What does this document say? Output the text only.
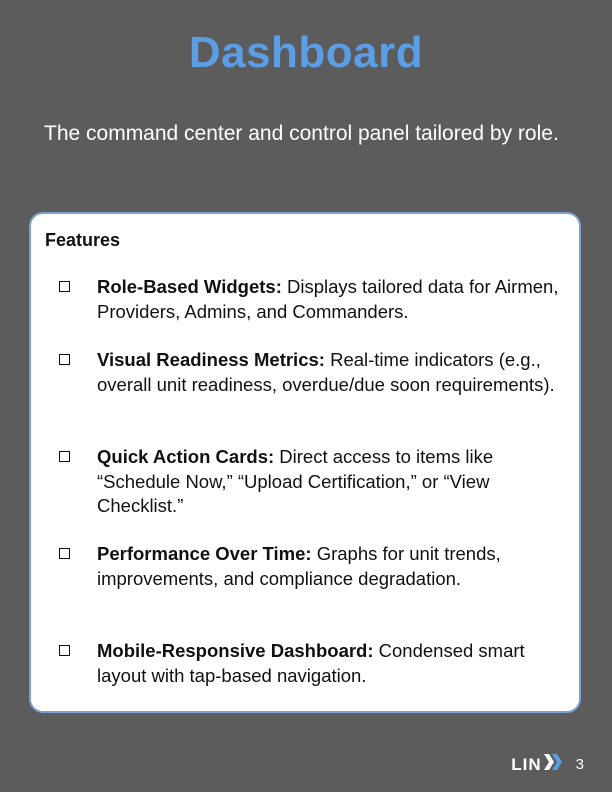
Dashboard
The command center and control panel tailored by role.
Features
Role-Based Widgets: Displays tailored data for Airmen, Providers, Admins, and Commanders.
Visual Readiness Metrics: Real-time indicators (e.g., overall unit readiness, overdue/due soon requirements).
Quick Action Cards: Direct access to items like “Schedule Now,” “Upload Certification,” or “View Checklist.”
Performance Over Time: Graphs for unit trends, improvements, and compliance degradation.
Mobile-Responsive Dashboard: Condensed smart layout with tap-based navigation.
LIN 3
